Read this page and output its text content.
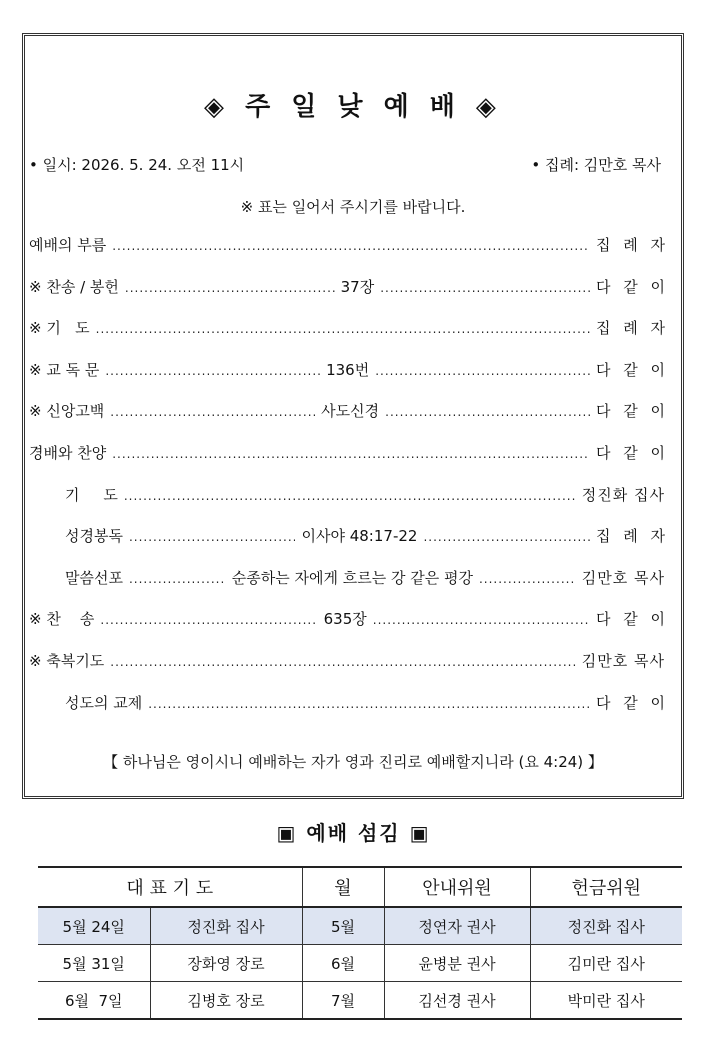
◈ 주 일 낮 예 배 ◈
• 일시: 2026. 5. 24. 오전 11시	• 집례: 김만호 목사
※ 표는 일어서 주시기를 바랍니다.
예배의 부름 .....	집 례 자
※ 찬송 / 봉헌 .....	37장 .....	다 같 이
※ 기   도 .....	집 례 자
※ 교 독 문 .....	136번 .....	다 같 이
※ 신앙고백 .....	사도신경 .....	다 같 이
경배와 찬양 .....	다 같 이
기     도 .....	정진화 집사
성경봉독 .....	이사야 48:17-22 .....	집 례 자
말씀선포 .....	순종하는 자에게 흐르는 강 같은 평강 .....	김만호 목사
※ 찬    송 .....	635장 .....	다 같 이
※ 축복기도 .....	김만호 목사
성도의 교제 .....	다 같 이
【 하나님은 영이시니 예배하는 자가 영과 진리로 예배할지니라 (요 4:24) 】
▣ 예배 섬김 ▣
대 표 기 도		월	안내위원	헌금위원
5월 24일	정진화 집사	5월	정연자 권사	정진화 집사
5월 31일	장화영 장로	6월	윤병분 권사	김미란 집사
6월  7일	김병호 장로	7월	김선경 권사	박미란 집사
